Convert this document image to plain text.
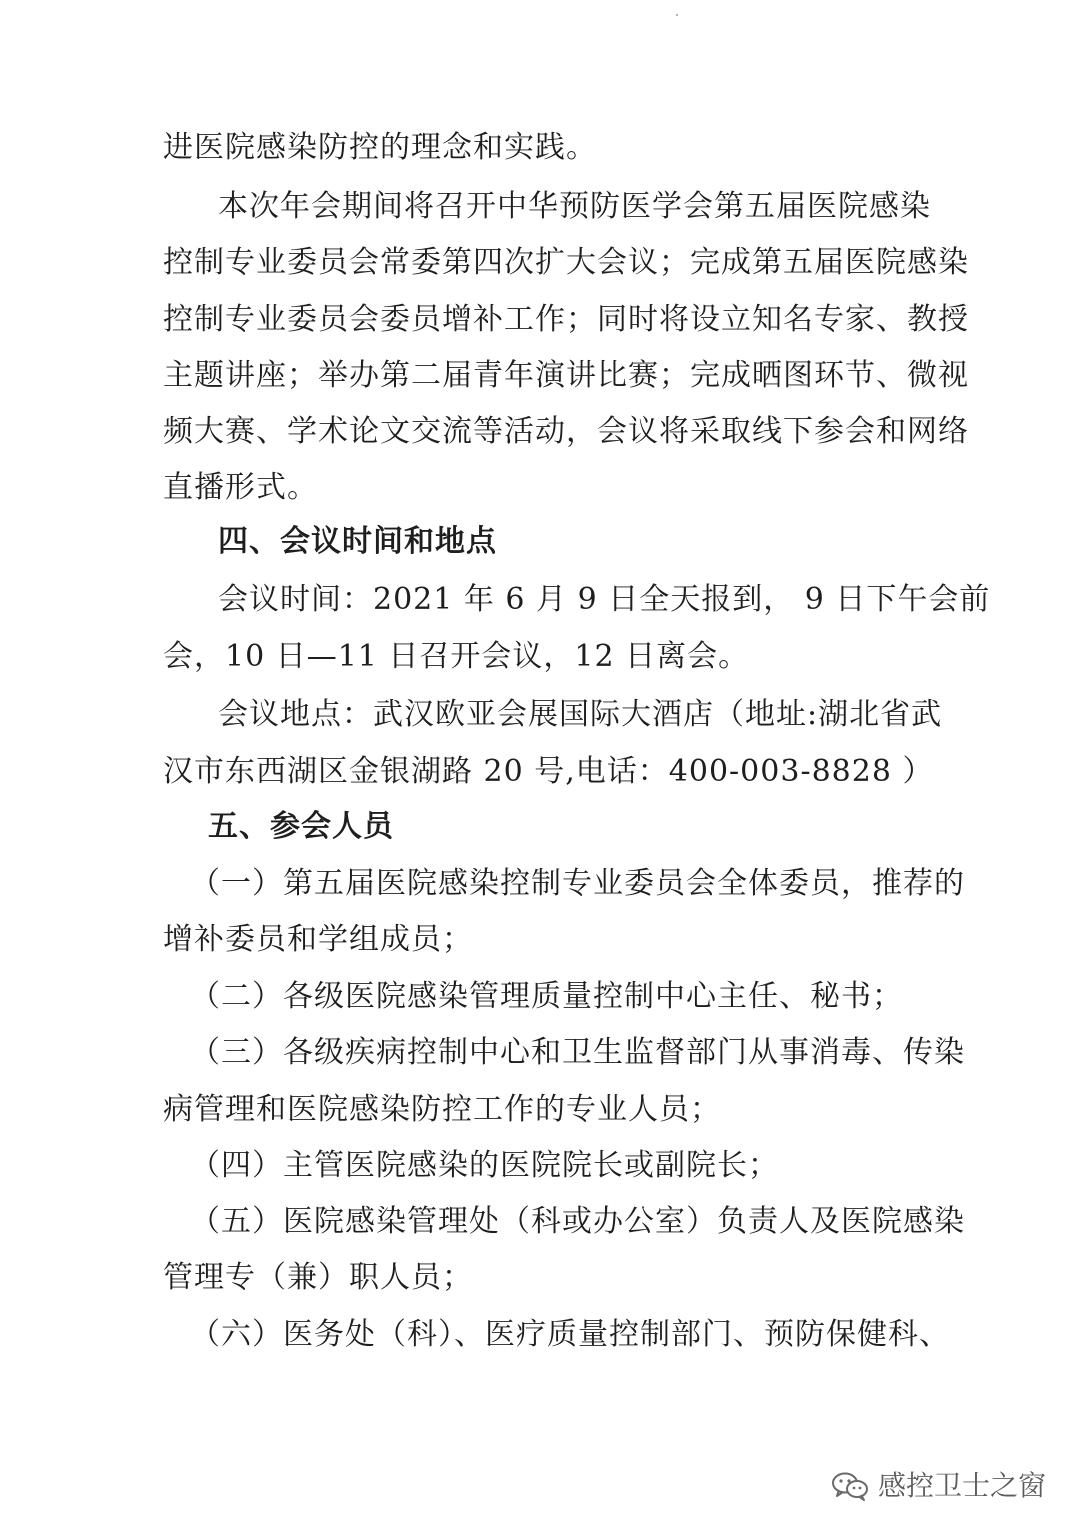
进医院感染防控的理念和实践。
本次年会期间将召开中华预防医学会第五届医院感染
控制专业委员会常委第四次扩大会议；完成第五届医院感染
控制专业委员会委员增补工作；同时将设立知名专家、教授
主题讲座；举办第二届青年演讲比赛；完成晒图环节、微视
频大赛、学术论文交流等活动，会议将采取线下参会和网络
直播形式。
四、会议时间和地点
会议时间：2021 年 6 月 9 日全天报到， 9 日下午会前
会，10 日—11 日召开会议，12 日离会。
会议地点：武汉欧亚会展国际大酒店（地址:湖北省武
汉市东西湖区金银湖路 20 号,电话：400-003-8828 ）
五、参会人员
（一）第五届医院感染控制专业委员会全体委员，推荐的
增补委员和学组成员；
（二）各级医院感染管理质量控制中心主任、秘书；
（三）各级疾病控制中心和卫生监督部门从事消毒、传染
病管理和医院感染防控工作的专业人员；
（四）主管医院感染的医院院长或副院长；
（五）医院感染管理处（科或办公室）负责人及医院感染
管理专（兼）职人员；
（六）医务处（科）、医疗质量控制部门、预防保健科、
感控卫士之窗
